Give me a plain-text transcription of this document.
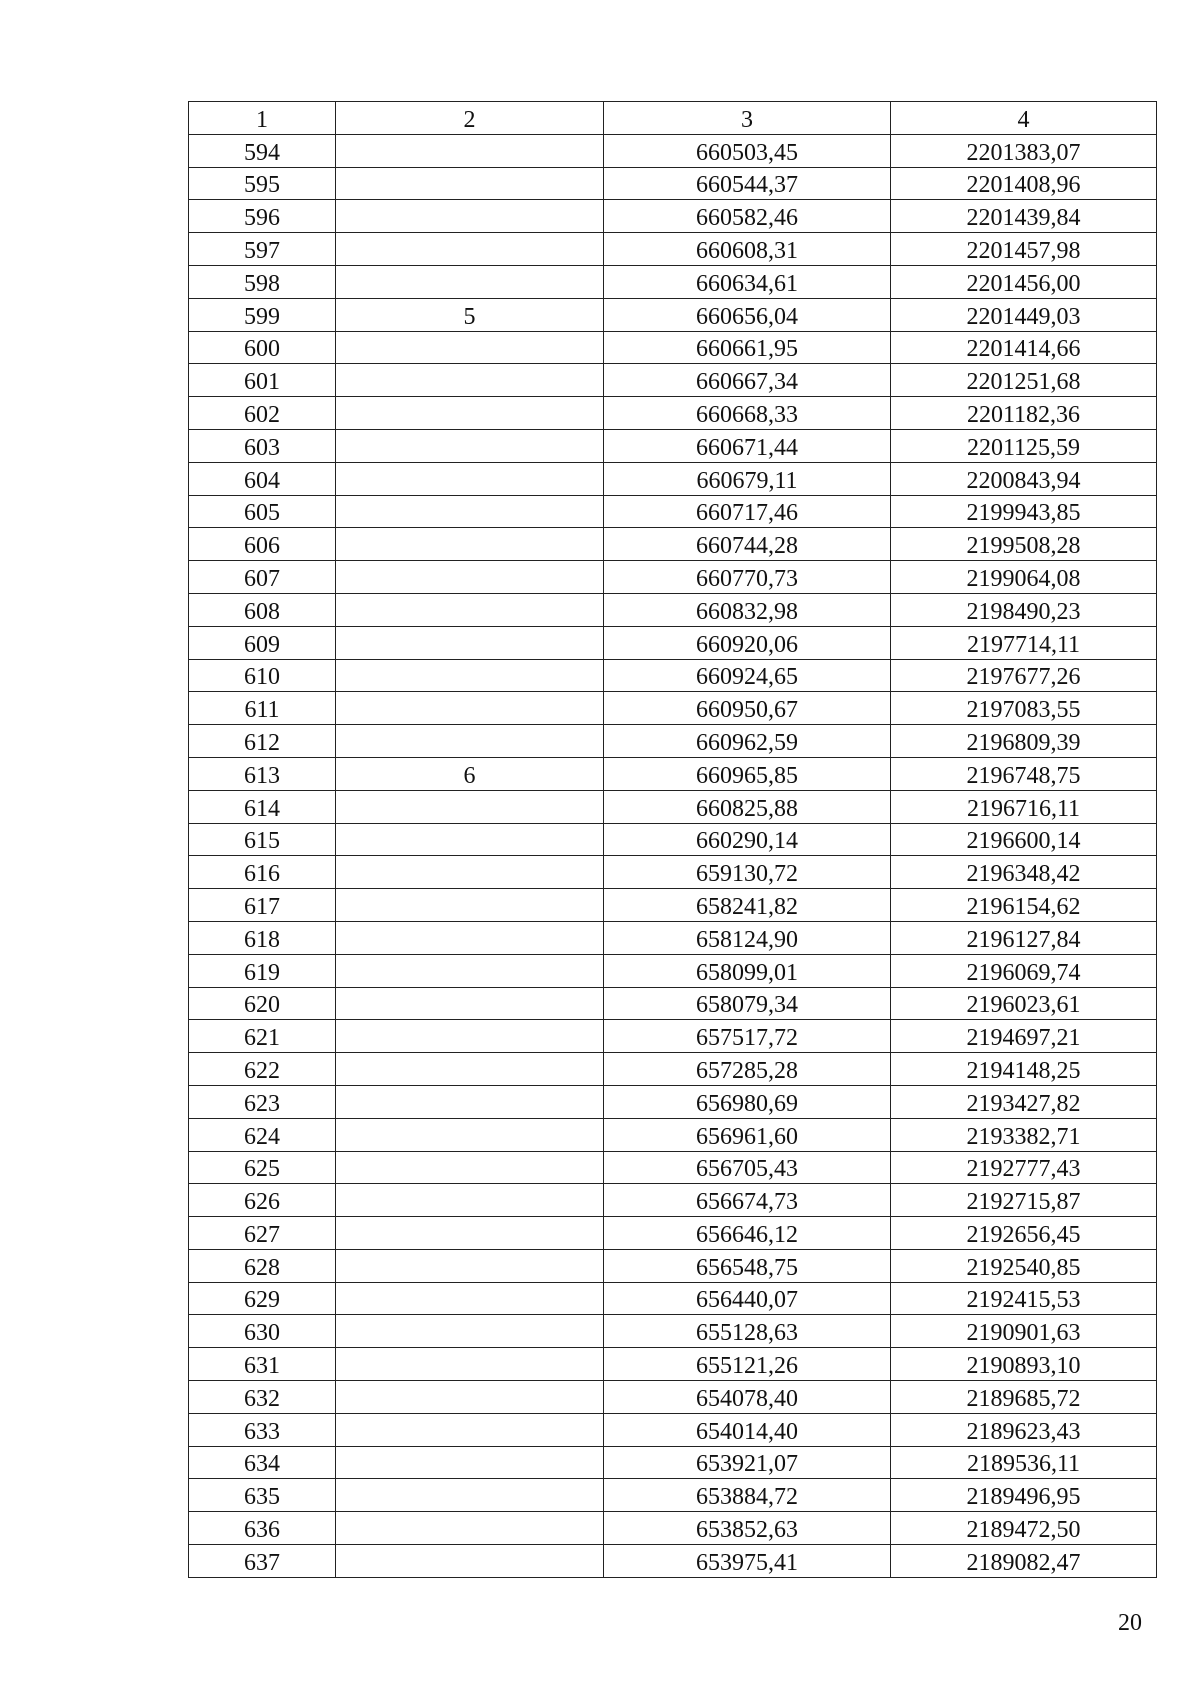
1	2	3	4
594		660503,45	2201383,07
595		660544,37	2201408,96
596		660582,46	2201439,84
597		660608,31	2201457,98
598		660634,61	2201456,00
599	5	660656,04	2201449,03
600		660661,95	2201414,66
601		660667,34	2201251,68
602		660668,33	2201182,36
603		660671,44	2201125,59
604		660679,11	2200843,94
605		660717,46	2199943,85
606		660744,28	2199508,28
607		660770,73	2199064,08
608		660832,98	2198490,23
609		660920,06	2197714,11
610		660924,65	2197677,26
611		660950,67	2197083,55
612		660962,59	2196809,39
613	6	660965,85	2196748,75
614		660825,88	2196716,11
615		660290,14	2196600,14
616		659130,72	2196348,42
617		658241,82	2196154,62
618		658124,90	2196127,84
619		658099,01	2196069,74
620		658079,34	2196023,61
621		657517,72	2194697,21
622		657285,28	2194148,25
623		656980,69	2193427,82
624		656961,60	2193382,71
625		656705,43	2192777,43
626		656674,73	2192715,87
627		656646,12	2192656,45
628		656548,75	2192540,85
629		656440,07	2192415,53
630		655128,63	2190901,63
631		655121,26	2190893,10
632		654078,40	2189685,72
633		654014,40	2189623,43
634		653921,07	2189536,11
635		653884,72	2189496,95
636		653852,63	2189472,50
637		653975,41	2189082,47
20
